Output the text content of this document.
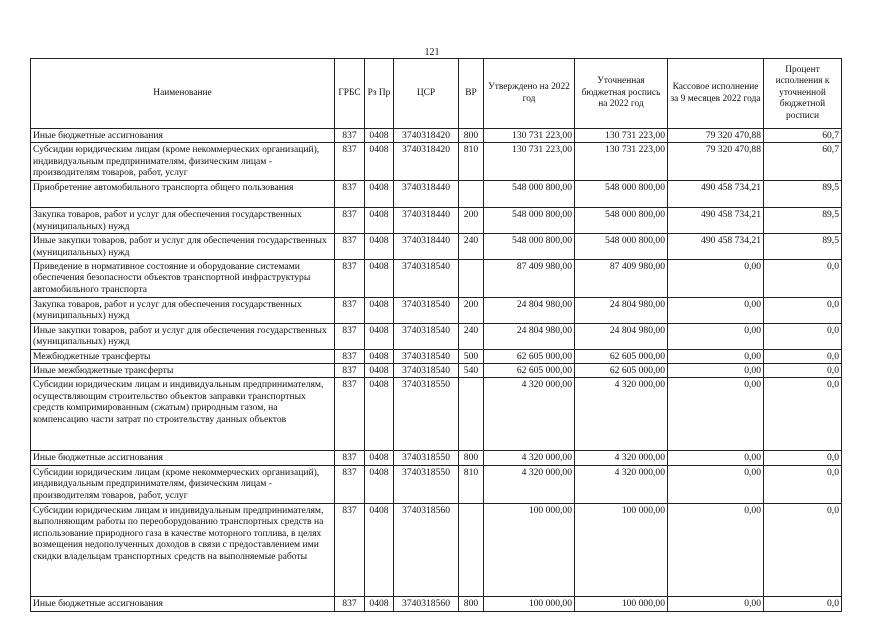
121
Наименование	ГРБС	Рз Пр	ЦСР	ВР	Утверждено на 2022 год	Уточненная бюджетная роспись на 2022 год	Кассовое исполнение за 9 месяцев 2022 года	Процент исполнения к уточненной бюджетной росписи
Иные бюджетные ассигнования	837	0408	3740318420	800	130 731 223,00	130 731 223,00	79 320 470,88	60,7
Субсидии юридическим лицам (кроме некоммерческих организаций), индивидуальным предпринимателям, физическим лицам - производителям товаров, работ, услуг	837	0408	3740318420	810	130 731 223,00	130 731 223,00	79 320 470,88	60,7
Приобретение автомобильного транспорта общего пользования	837	0408	3740318440		548 000 800,00	548 000 800,00	490 458 734,21	89,5
Закупка товаров, работ и услуг для обеспечения государственных (муниципальных) нужд	837	0408	3740318440	200	548 000 800,00	548 000 800,00	490 458 734,21	89,5
Иные закупки товаров, работ и услуг для обеспечения государственных (муниципальных) нужд	837	0408	3740318440	240	548 000 800,00	548 000 800,00	490 458 734,21	89,5
Приведение в нормативное состояние и оборудование системами обеспечения безопасности объектов транспортной инфраструктуры автомобильного транспорта	837	0408	3740318540		87 409 980,00	87 409 980,00	0,00	0,0
Закупка товаров, работ и услуг для обеспечения государственных (муниципальных) нужд	837	0408	3740318540	200	24 804 980,00	24 804 980,00	0,00	0,0
Иные закупки товаров, работ и услуг для обеспечения государственных (муниципальных) нужд	837	0408	3740318540	240	24 804 980,00	24 804 980,00	0,00	0,0
Межбюджетные трансферты	837	0408	3740318540	500	62 605 000,00	62 605 000,00	0,00	0,0
Иные межбюджетные трансферты	837	0408	3740318540	540	62 605 000,00	62 605 000,00	0,00	0,0
Субсидии юридическим лицам и индивидуальным предпринимателям, осуществляющим строительство объектов заправки транспортных средств компримированным (сжатым) природным газом, на компенсацию части затрат по строительству данных объектов	837	0408	3740318550		4 320 000,00	4 320 000,00	0,00	0,0
Иные бюджетные ассигнования	837	0408	3740318550	800	4 320 000,00	4 320 000,00	0,00	0,0
Субсидии юридическим лицам (кроме некоммерческих организаций), индивидуальным предпринимателям, физическим лицам - производителям товаров, работ, услуг	837	0408	3740318550	810	4 320 000,00	4 320 000,00	0,00	0,0
Субсидии юридическим лицам и индивидуальным предпринимателям, выполняющим работы по переоборудованию транспортных средств на использование природного газа в качестве моторного топлива, в целях возмещения недополученных доходов в связи с предоставлением ими скидки владельцам транспортных средств на выполняемые работы	837	0408	3740318560		100 000,00	100 000,00	0,00	0,0
Иные бюджетные ассигнования	837	0408	3740318560	800	100 000,00	100 000,00	0,00	0,0
